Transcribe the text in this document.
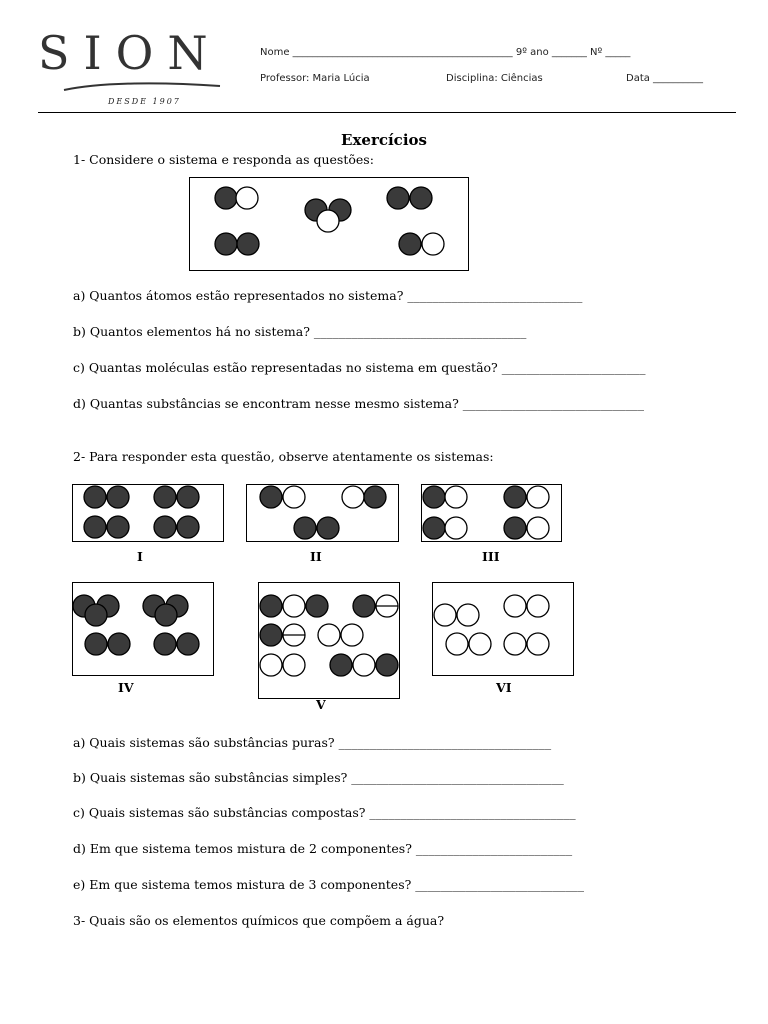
SION
DESDE 1907
Nome ____________________________________________ 9º ano _______ Nº _____
Professor: Maria Lúcia	Disciplina: Ciências	Data __________
Exercícios
1- Considere o sistema e responda as questões:
a) Quantos átomos estão representados no sistema? ____________________________
b) Quantos elementos há no sistema? __________________________________
c) Quantas moléculas estão representadas no sistema em questão? _______________________
d) Quantas substâncias se encontram nesse mesmo sistema? _____________________________
2- Para responder esta questão, observe atentamente os sistemas:
I	II	III
IV
V
VI
a) Quais sistemas são substâncias puras? __________________________________
b) Quais sistemas são substâncias simples? __________________________________
c) Quais sistemas são substâncias compostas? _________________________________
d) Em que sistema temos mistura de 2 componentes? _________________________
e) Em que sistema temos mistura de 3 componentes? ___________________________
3- Quais são os elementos químicos que compõem a água?
